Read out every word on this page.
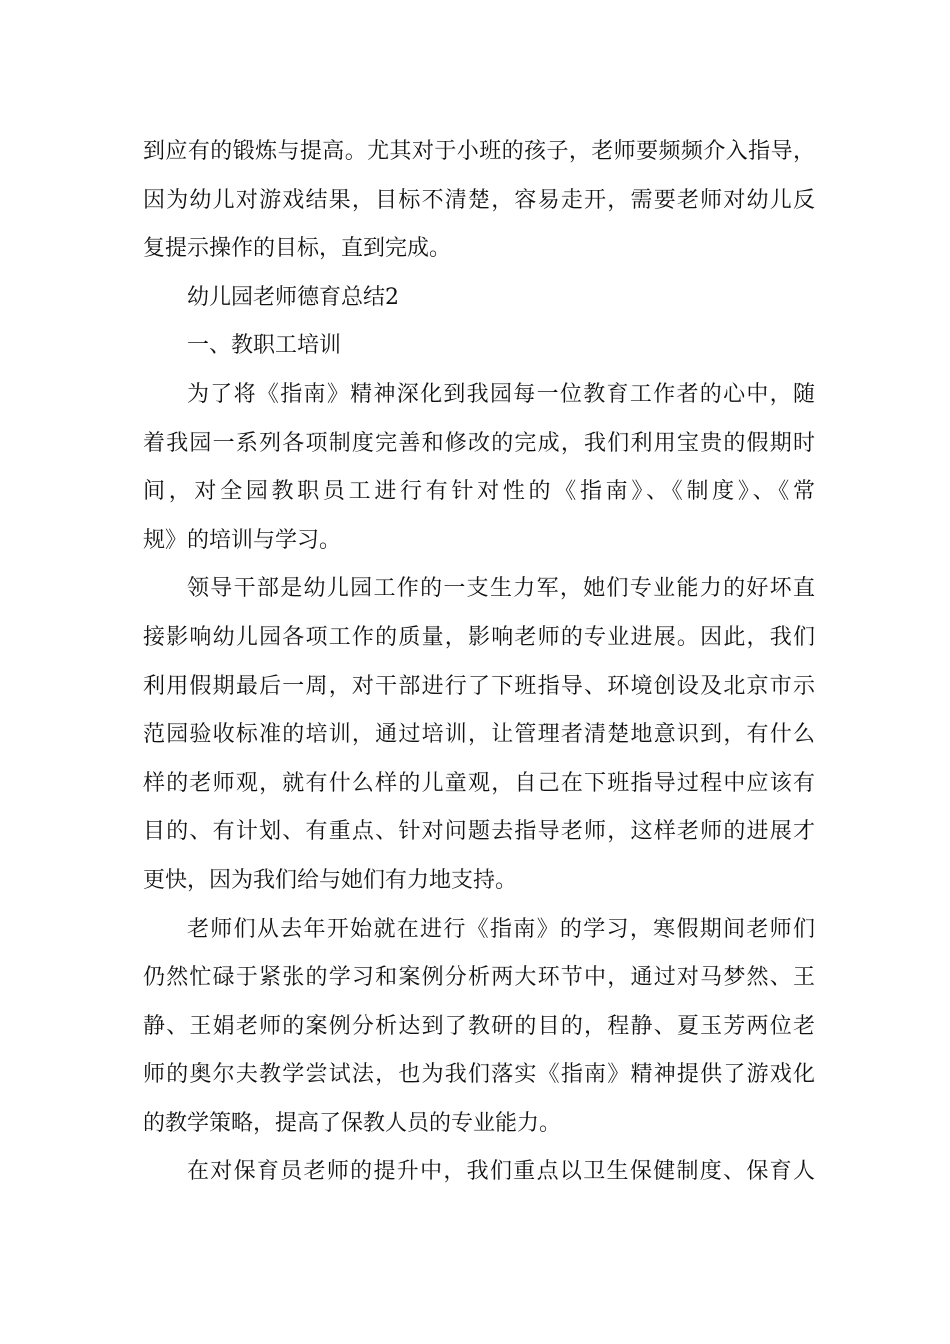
到应有的锻炼与提高。尤其对于小班的孩子，老师要频频介入指导，
因为幼儿对游戏结果，目标不清楚，容易走开，需要老师对幼儿反
复提示操作的目标，直到完成。
幼儿园老师德育总结2
一、教职工培训
为了将《指南》精神深化到我园每一位教育工作者的心中，随
着我园一系列各项制度完善和修改的完成，我们利用宝贵的假期时
间，对全园教职员工进行有针对性的《指南》、《制度》、《常
规》的培训与学习。
领导干部是幼儿园工作的一支生力军，她们专业能力的好坏直
接影响幼儿园各项工作的质量，影响老师的专业进展。因此，我们
利用假期最后一周，对干部进行了下班指导、环境创设及北京市示
范园验收标准的培训，通过培训，让管理者清楚地意识到，有什么
样的老师观，就有什么样的儿童观，自己在下班指导过程中应该有
目的、有计划、有重点、针对问题去指导老师，这样老师的进展才
更快，因为我们给与她们有力地支持。
老师们从去年开始就在进行《指南》的学习，寒假期间老师们
仍然忙碌于紧张的学习和案例分析两大环节中，通过对马梦然、王
静、王娟老师的案例分析达到了教研的目的，程静、夏玉芳两位老
师的奥尔夫教学尝试法，也为我们落实《指南》精神提供了游戏化
的教学策略，提高了保教人员的专业能力。
在对保育员老师的提升中，我们重点以卫生保健制度、保育人
